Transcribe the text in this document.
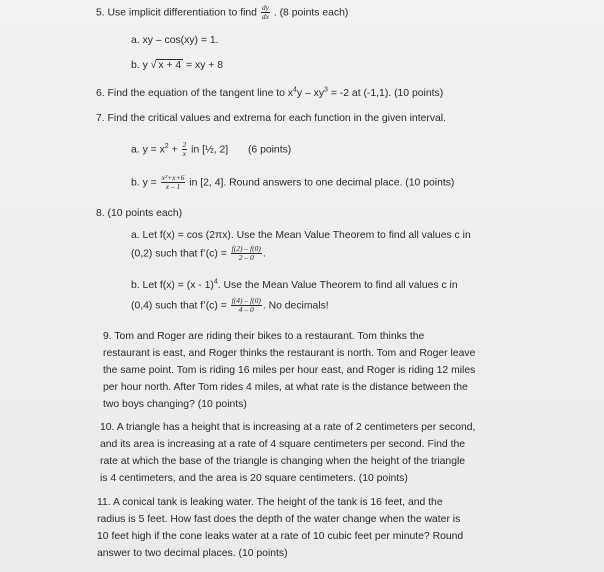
5. Use implicit differentiation to find $\frac{dy}{dx}$ . (8 points each)
a. xy – cos(xy) = 1.
b. y √ x + 4 = xy + 8
6. Find the equation of the tangent line to $x^4y - xy^3 = -2$ at (-1,1). (10 points)
7. Find the critical values and extrema for each function in the given interval.
a. $y = x^2 + \frac{2}{x}$ in [½, 2] (6 points)
b. $y = \frac{\text{x²+x+6}}{x - 1}$ in [2, 4]. Round answers to one decimal place. (10 points)
8. (10 points each)
a. Let f(x) = cos (2πx). Use the Mean Value Theorem to find all values c in
(0,2) such that f’(c) = $\frac{f(2) - f(0)}{2 - 0}$ .
b. Let f(x) = (x - 1)$^4$. Use the Mean Value Theorem to find all values c in
(0,4) such that f’(c) = $\frac{f(4) - f(0)}{4 - 0}$ . No decimals!
9. Tom and Roger are riding their bikes to a restaurant. Tom thinks the
restaurant is east, and Roger thinks the restaurant is north. Tom and Roger leave
the same point. Tom is riding 16 miles per hour east, and Roger is riding 12 miles
per hour north. After Tom rides 4 miles, at what rate is the distance between the
two boys changing? (10 points)
10. A triangle has a height that is increasing at a rate of 2 centimeters per second,
and its area is increasing at a rate of 4 square centimeters per second. Find the
rate at which the base of the triangle is changing when the height of the triangle
is 4 centimeters, and the area is 20 square centimeters. (10 points)
11. A conical tank is leaking water. The height of the tank is 16 feet, and the
radius is 5 feet. How fast does the depth of the water change when the water is
10 feet high if the cone leaks water at a rate of 10 cubic feet per minute? Round
answer to two decimal places. (10 points)
